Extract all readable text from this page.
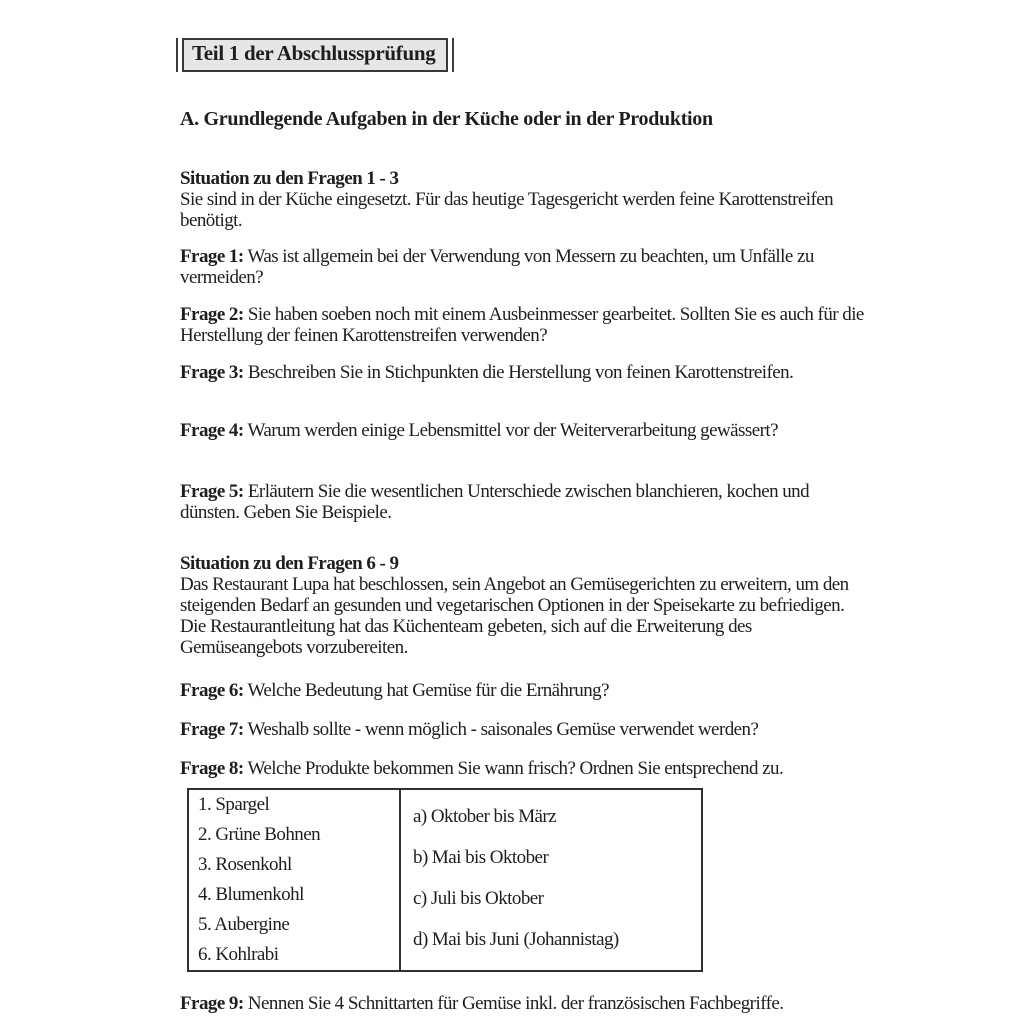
Teil 1 der Abschlussprüfung
A. Grundlegende Aufgaben in der Küche oder in der Produktion
Situation zu den Fragen 1 - 3
Sie sind in der Küche eingesetzt. Für das heutige Tagesgericht werden feine Karottenstreifen
benötigt.
Frage 1: Was ist allgemein bei der Verwendung von Messern zu beachten, um Unfälle zu
vermeiden?
Frage 2: Sie haben soeben noch mit einem Ausbeinmesser gearbeitet. Sollten Sie es auch für die
Herstellung der feinen Karottenstreifen verwenden?
Frage 3: Beschreiben Sie in Stichpunkten die Herstellung von feinen Karottenstreifen.
Frage 4: Warum werden einige Lebensmittel vor der Weiterverarbeitung gewässert?
Frage 5: Erläutern Sie die wesentlichen Unterschiede zwischen blanchieren, kochen und
dünsten. Geben Sie Beispiele.
Situation zu den Fragen 6 - 9
Das Restaurant Lupa hat beschlossen, sein Angebot an Gemüsegerichten zu erweitern, um den
steigenden Bedarf an gesunden und vegetarischen Optionen in der Speisekarte zu befriedigen.
Die Restaurantleitung hat das Küchenteam gebeten, sich auf die Erweiterung des
Gemüseangebots vorzubereiten.
Frage 6: Welche Bedeutung hat Gemüse für die Ernährung?
Frage 7: Weshalb sollte - wenn möglich - saisonales Gemüse verwendet werden?
Frage 8: Welche Produkte bekommen Sie wann frisch? Ordnen Sie entsprechend zu.
1. Spargel
2. Grüne Bohnen
3. Rosenkohl
4. Blumenkohl
5. Aubergine
6. Kohlrabi
a) Oktober bis März
b) Mai bis Oktober
c) Juli bis Oktober
d) Mai bis Juni (Johannistag)
Frage 9: Nennen Sie 4 Schnittarten für Gemüse inkl. der französischen Fachbegriffe.
